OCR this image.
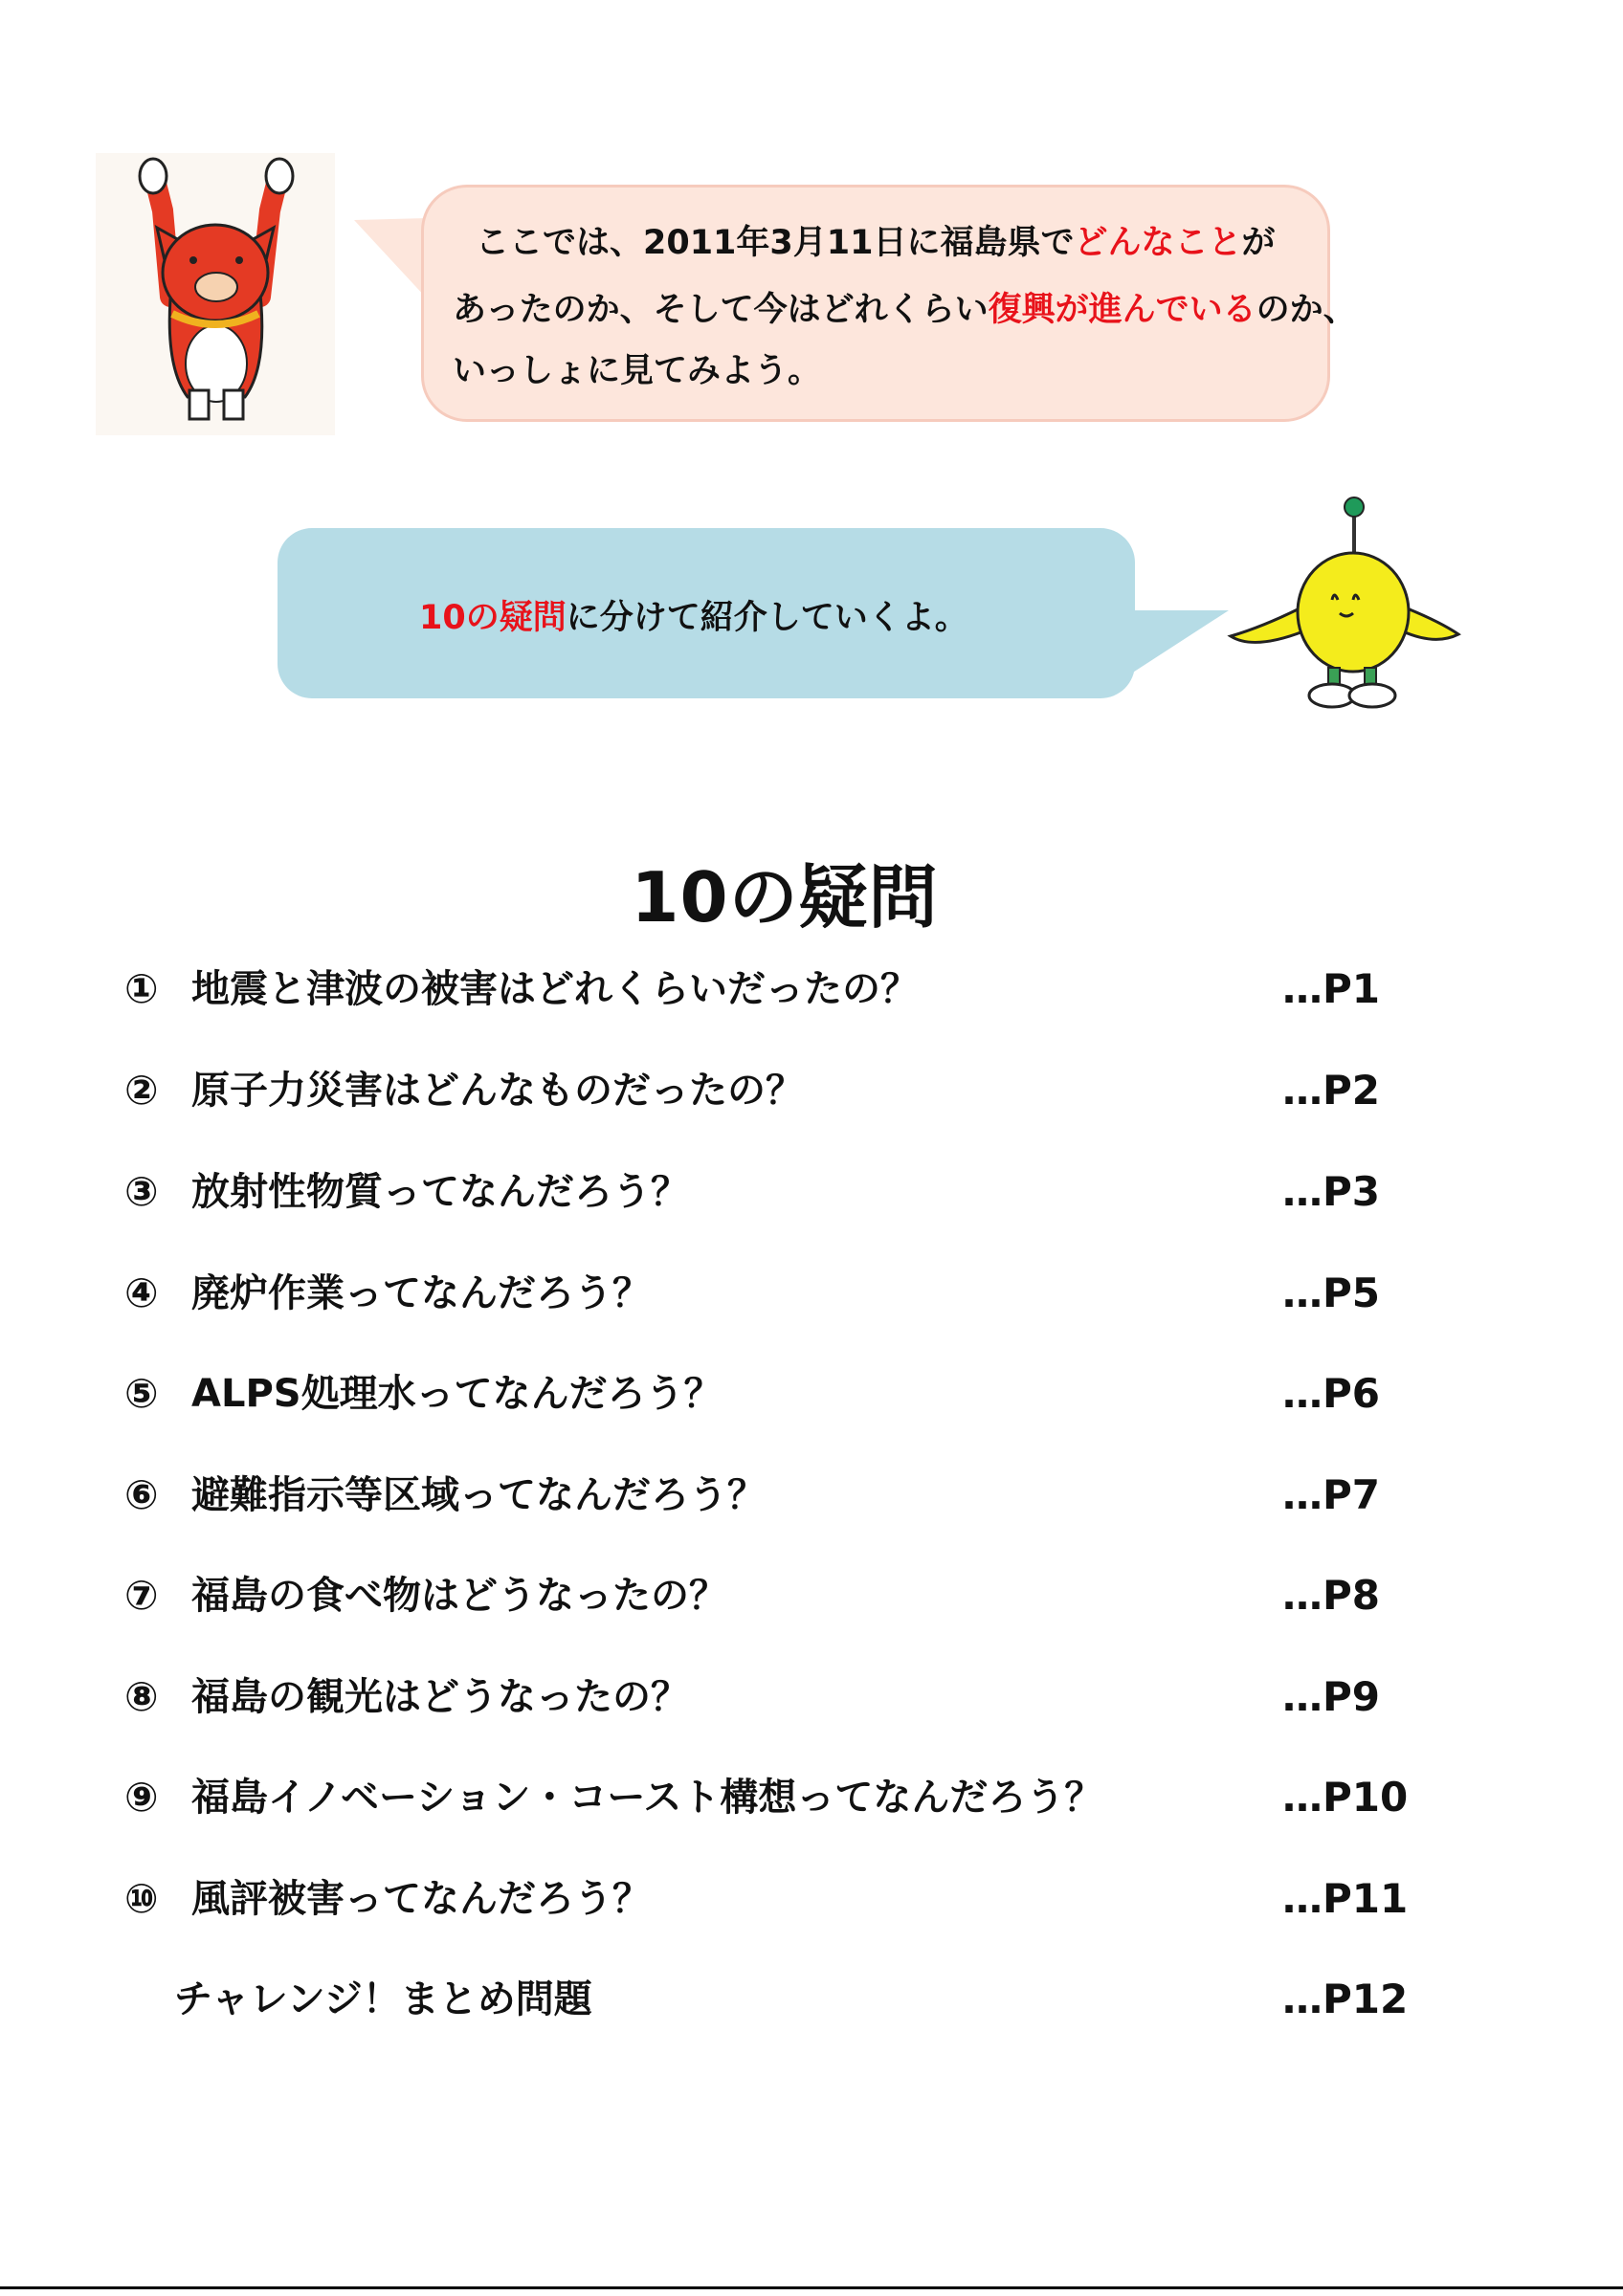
ここでは、2011年3月11日に福島県でどんなことが
あったのか、そして今はどれくらい復興が進んでいるのか、
いっしょに見てみよう。
10の疑問に分けて紹介していくよ。
10の疑問
① 地震と津波の被害はどれくらいだったの？	…P1
② 原子力災害はどんなものだったの？	…P2
③ 放射性物質ってなんだろう？	…P3
④ 廃炉作業ってなんだろう？	…P5
⑤ ALPS処理水ってなんだろう？	…P6
⑥ 避難指示等区域ってなんだろう？	…P7
⑦ 福島の食べ物はどうなったの？	…P8
⑧ 福島の観光はどうなったの？	…P9
⑨ 福島イノベーション・コースト構想ってなんだろう？	…P10
⑩ 風評被害ってなんだろう？	…P11
チャレンジ！まとめ問題	…P12
